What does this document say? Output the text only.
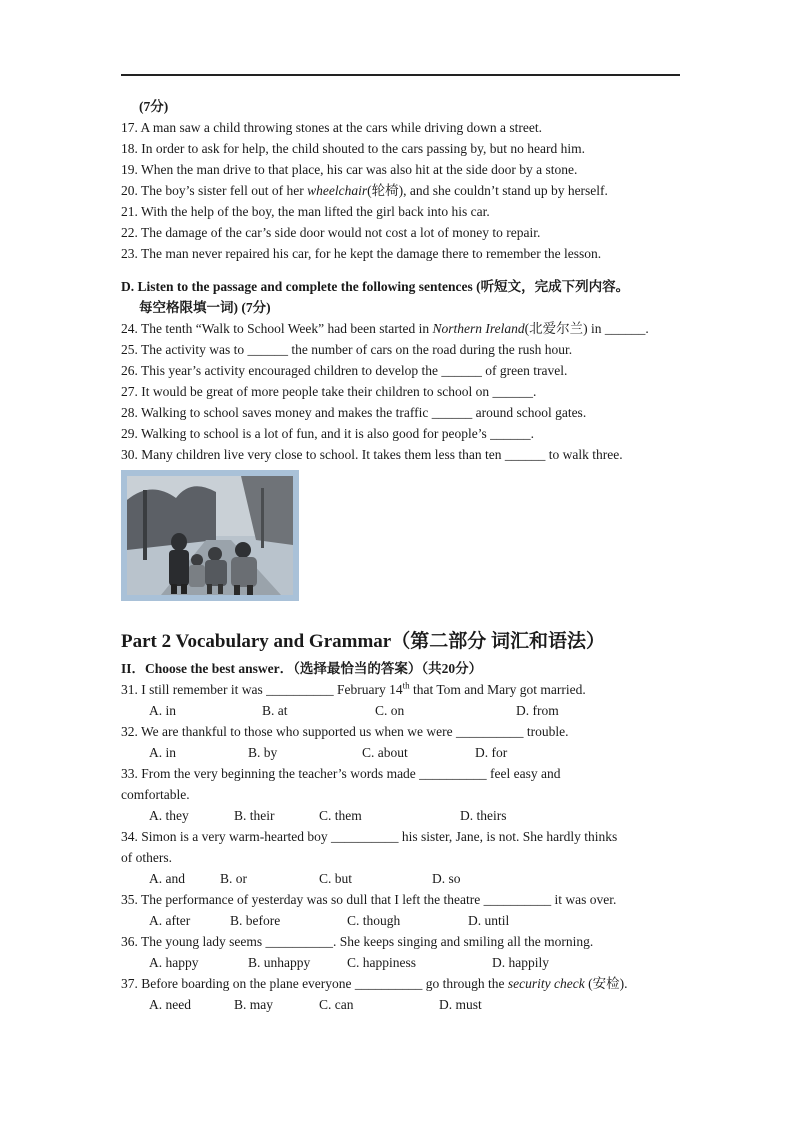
(7分)
17. A man saw a child throwing stones at the cars while driving down a street.
18. In order to ask for help, the child shouted to the cars passing by, but no heard him.
19. When the man drive to that place, his car was also hit at the side door by a stone.
20. The boy’s sister fell out of her wheelchair(轮椅), and she couldn’t stand up by herself.
21. With the help of the boy, the man lifted the girl back into his car.
22. The damage of the car’s side door would not cost a lot of money to repair.
23. The man never repaired his car, for he kept the damage there to remember the lesson.
D. Listen to the passage and complete the following sentences (听短文，完成下列内容。
每空格限填一词) (7分)
24. The tenth “Walk to School Week” had been started in Northern Ireland(北爱尔兰) in ______.
25. The activity was to ______ the number of cars on the road during the rush hour.
26. This year’s activity encouraged children to develop the ______ of green travel.
27. It would be great of more people take their children to school on ______.
28. Walking to school saves money and makes the traffic ______ around school gates.
29. Walking to school is a lot of fun, and it is also good for people’s ______.
30. Many children live very close to school. It takes them less than ten ______ to walk three.
Part 2 Vocabulary and Grammar（第二部分 词汇和语法）
II．Choose the best answer．（选择最恰当的答案）（共20分）
31. I still remember it was __________ February 14th that Tom and Mary got married.
A. in	B. at	C. on	D. from
32. We are thankful to those who supported us when we were __________ trouble.
A. in	B. by	C. about	D. for
33. From the very beginning the teacher’s words made __________ feel easy and
comfortable.
A. they	B. their	C. them	D. theirs
34. Simon is a very warm-hearted boy __________ his sister, Jane, is not. She hardly thinks
of others.
A. and	B. or	C. but	D. so
35. The performance of yesterday was so dull that I left the theatre __________ it was over.
A. after	B. before	C. though	D. until
36. The young lady seems __________. She keeps singing and smiling all the morning.
A. happy	B. unhappy	C. happiness	D. happily
37. Before boarding on the plane everyone __________ go through the security check (安检).
A. need	B. may	C. can	D. must
